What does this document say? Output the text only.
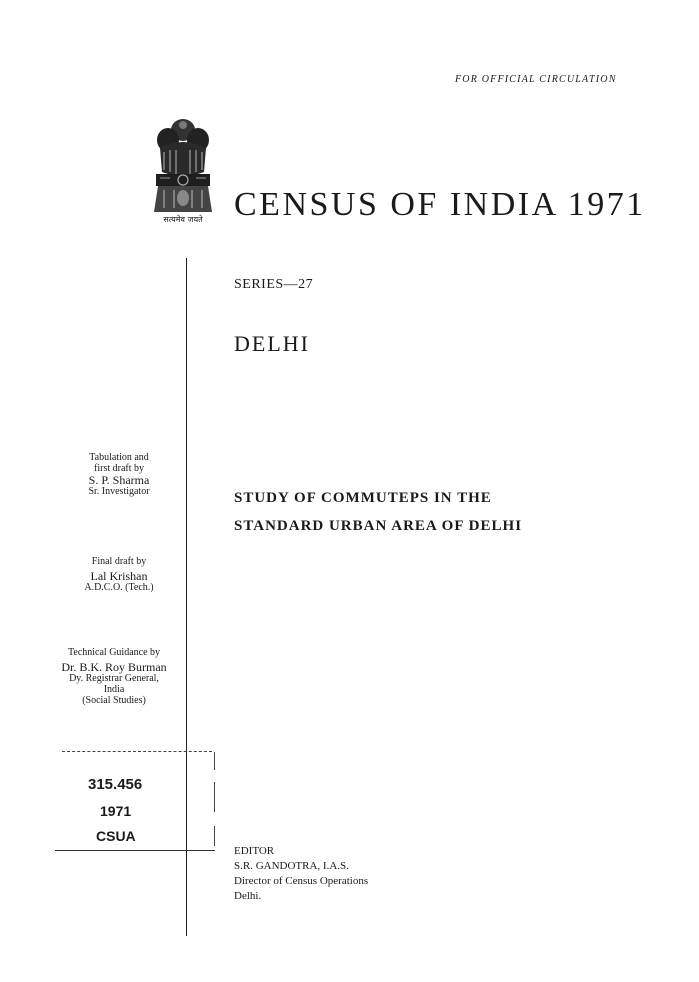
FOR OFFICIAL CIRCULATION
सत्यमेव जयते CENSUS OF INDIA 1971
SERIES—27
DELHI
STUDY OF COMMUTEPS IN THE
STANDARD URBAN AREA OF DELHI
Tabulation and
first draft by
S. P. Sharma
Sr. Investigator
Final draft by
Lal Krishan
A.D.C.O. (Tech.)
Technical Guidance by
Dr. B.K. Roy Burman
Dy. Registrar General,
India
(Social Studies)
315.456
1971
CSUA
EDITOR
S.R. GANDOTRA, I.A.S.
Director of Census Operations
Delhi.
